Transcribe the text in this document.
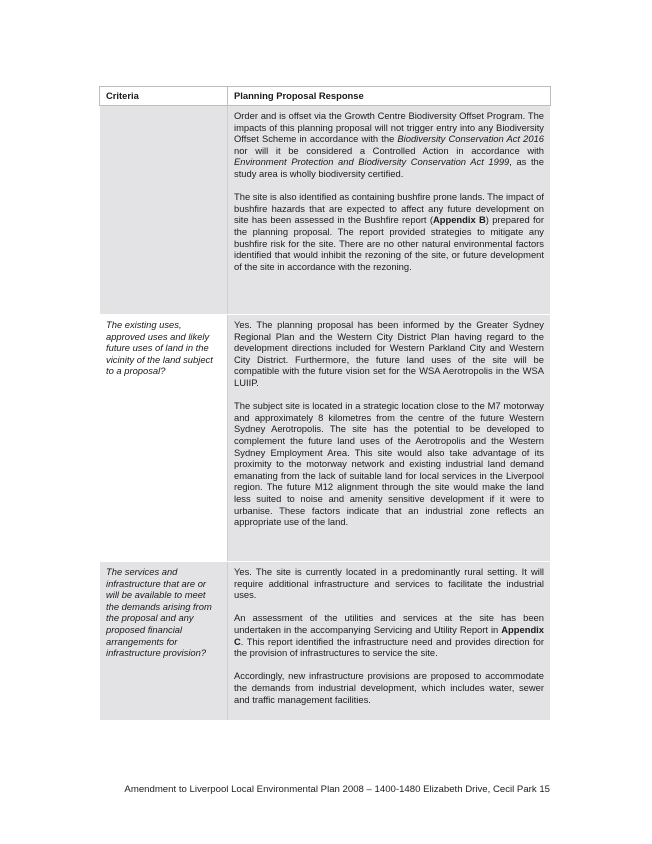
Criteria	Planning Proposal Response

	Order and is offset via the Growth Centre Biodiversity Offset Program. The impacts of this planning proposal will not trigger entry into any Biodiversity Offset Scheme in accordance with the Biodiversity Conservation Act 2016 nor will it be considered a Controlled Action in accordance with Environment Protection and Biodiversity Conservation Act 1999, as the study area is wholly biodiversity certified.

The site is also identified as containing bushfire prone lands. The impact of bushfire hazards that are expected to affect any future development on site has been assessed in the Bushfire report (Appendix B) prepared for the planning proposal. The report provided strategies to mitigate any bushfire risk for the site. There are no other natural environmental factors identified that would inhibit the rezoning of the site, or future development of the site in accordance with the rezoning.

The existing uses, approved uses and likely future uses of land in the vicinity of the land subject to a proposal?	Yes. The planning proposal has been informed by the Greater Sydney Regional Plan and the Western City District Plan having regard to the development directions included for Western Parkland City and Western City District. Furthermore, the future land uses of the site will be compatible with the future vision set for the WSA Aerotropolis in the WSA LUIIP.

The subject site is located in a strategic location close to the M7 motorway and approximately 8 kilometres from the centre of the future Western Sydney Aerotropolis. The site has the potential to be developed to complement the future land uses of the Aerotropolis and the Western Sydney Employment Area. This site would also take advantage of its proximity to the motorway network and existing industrial land demand emanating from the lack of suitable land for local services in the Liverpool region. The future M12 alignment through the site would make the land less suited to noise and amenity sensitive development if it were to urbanise. These factors indicate that an industrial zone reflects an appropriate use of the land.

The services and infrastructure that are or will be available to meet the demands arising from the proposal and any proposed financial arrangements for infrastructure provision?	Yes. The site is currently located in a predominantly rural setting. It will require additional infrastructure and services to facilitate the industrial uses.

An assessment of the utilities and services at the site has been undertaken in the accompanying Servicing and Utility Report in Appendix C. This report identified the infrastructure need and provides direction for the provision of infrastructures to service the site.

Accordingly, new infrastructure provisions are proposed to accommodate the demands from industrial development, which includes water, sewer and traffic management facilities.

Amendment to Liverpool Local Environmental Plan 2008 – 1400-1480 Elizabeth Drive, Cecil Park 15
